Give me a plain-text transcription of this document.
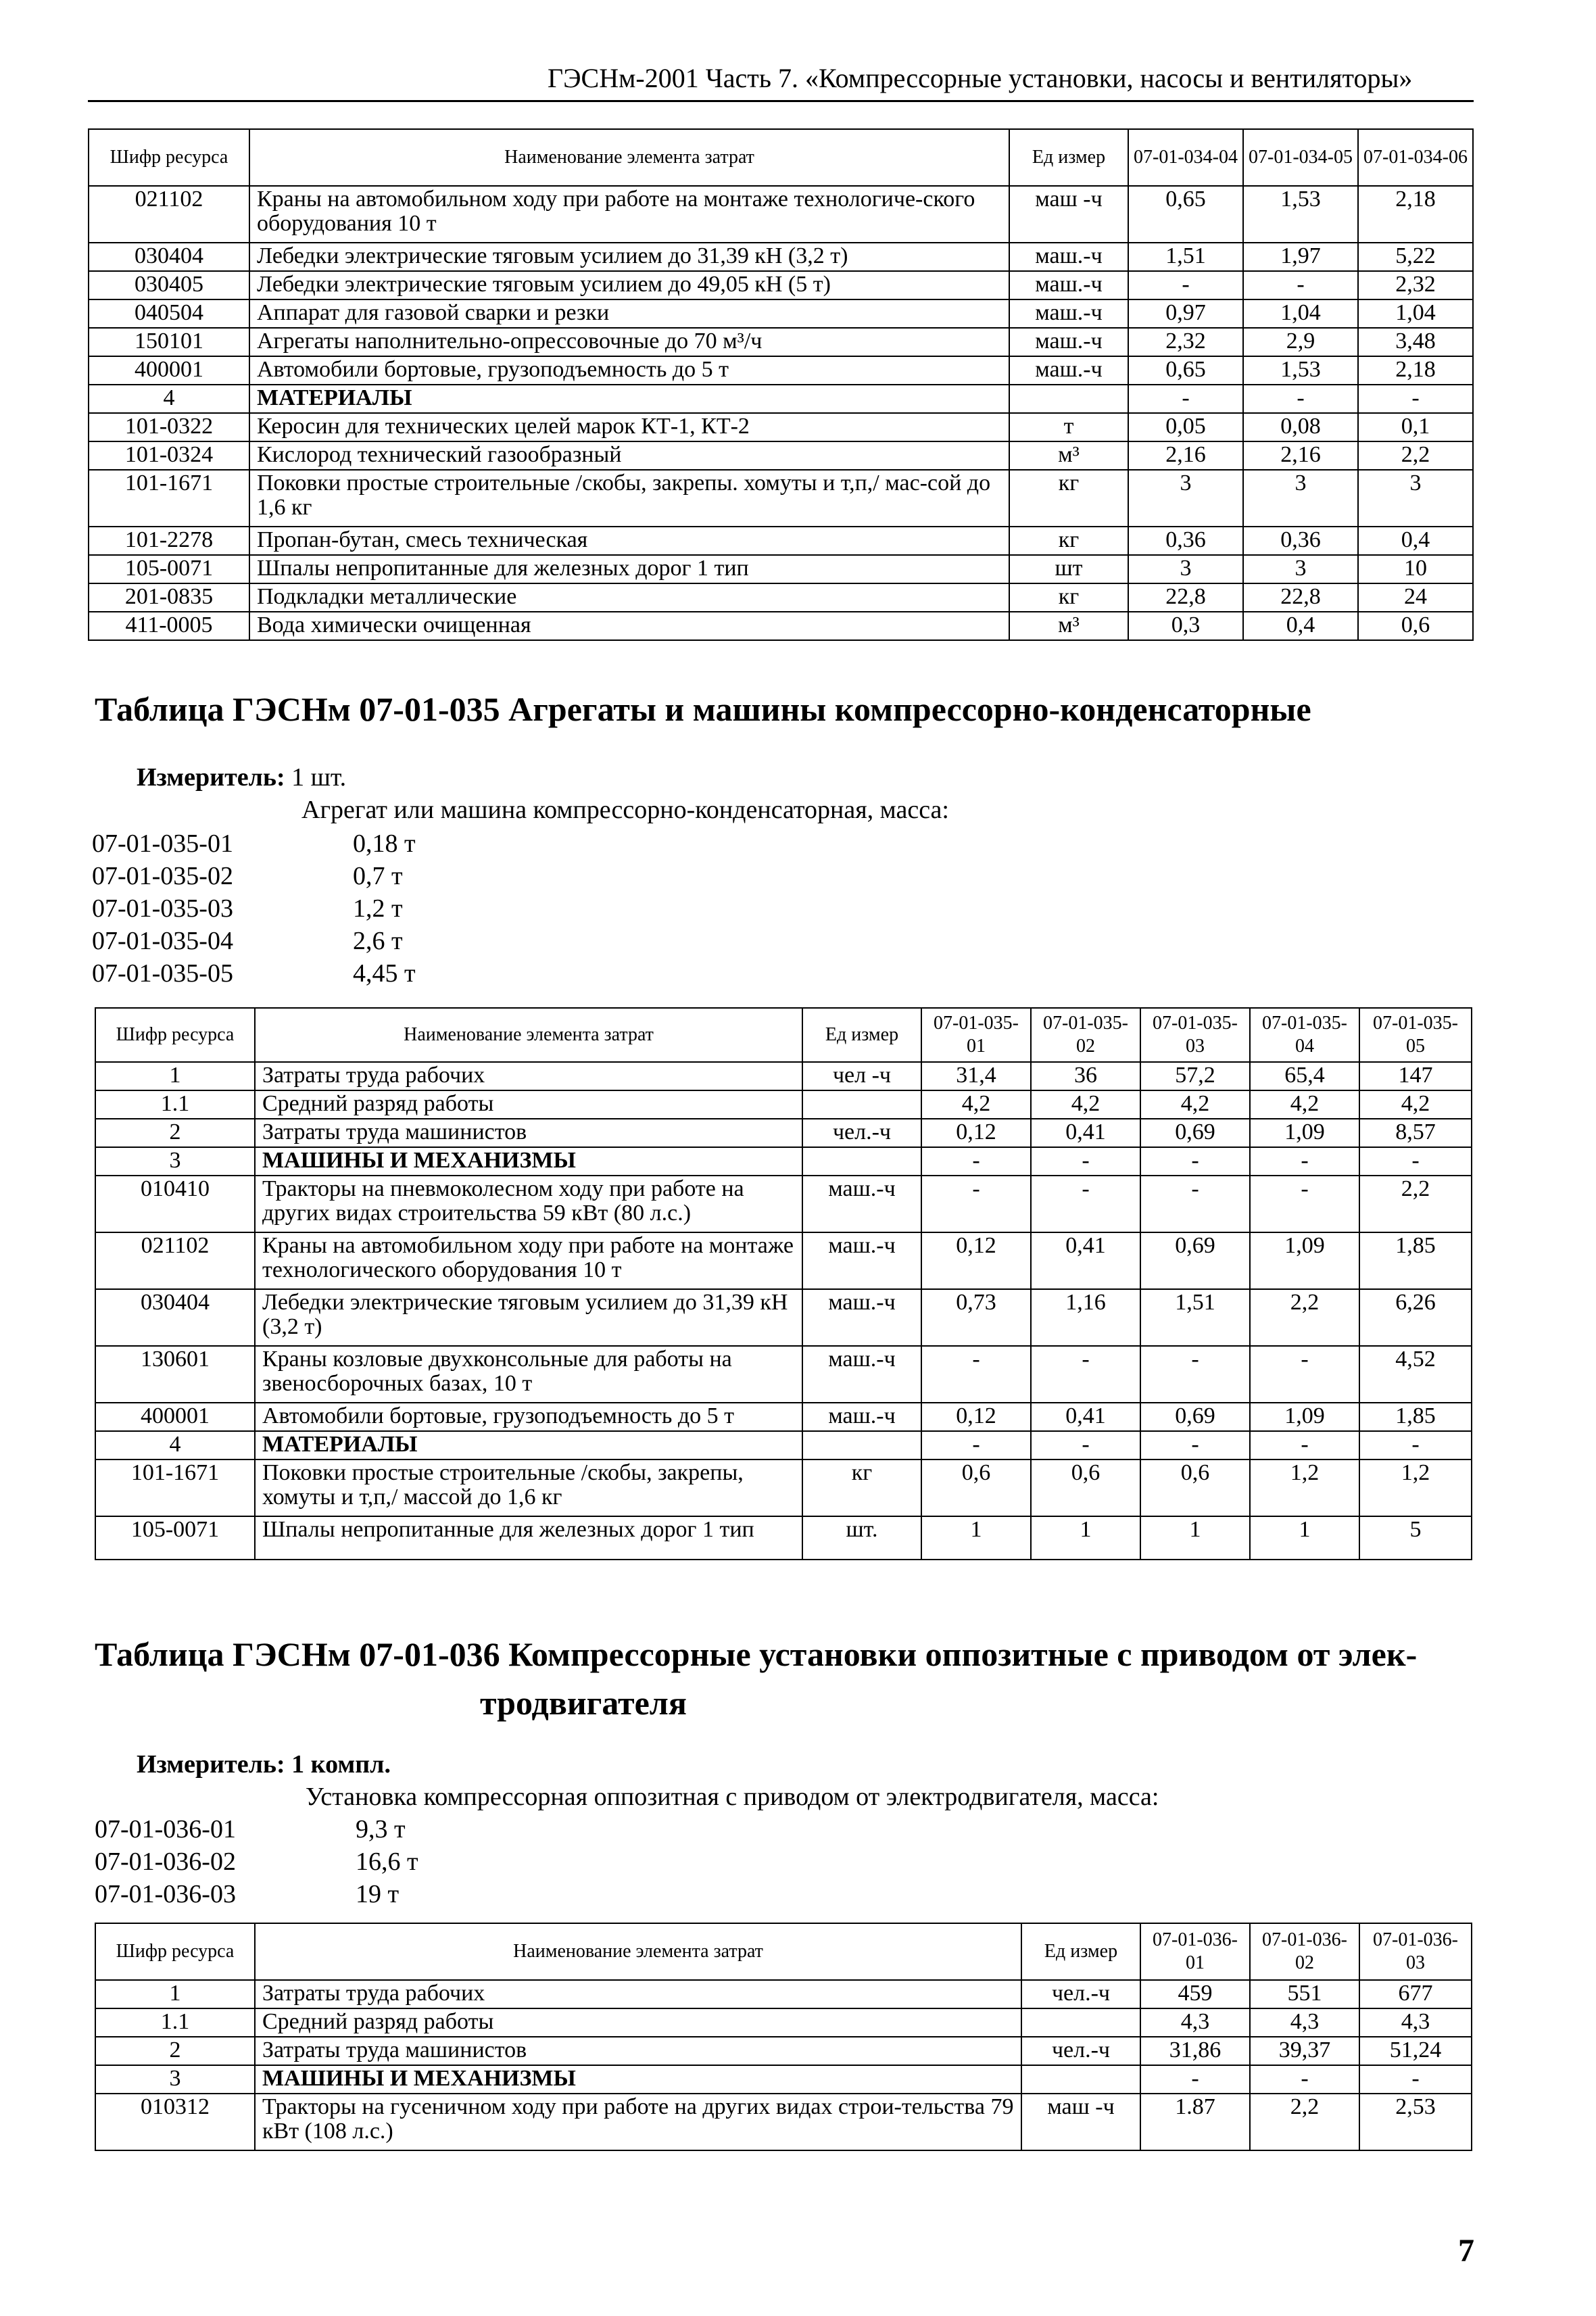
ГЭСНм-2001 Часть 7. «Компрессорные установки, насосы и вентиляторы»
Шифр ресурса	Наименование элемента затрат	Ед измер	07-01-034-04	07-01-034-05	07-01-034-06
021102	Краны на автомобильном ходу при работе на монтаже технологиче-ского оборудования 10 т	маш -ч	0,65	1,53	2,18
030404	Лебедки электрические тяговым усилием до 31,39 кН (3,2 т)	маш.-ч	1,51	1,97	5,22
030405	Лебедки электрические тяговым усилием до 49,05 кН (5 т)	маш.-ч	-	-	2,32
040504	Аппарат для газовой сварки и резки	маш.-ч	0,97	1,04	1,04
150101	Агрегаты наполнительно-опрессовочные до 70 м³/ч	маш.-ч	2,32	2,9	3,48
400001	Автомобили бортовые, грузоподъемность до 5 т	маш.-ч	0,65	1,53	2,18
4	МАТЕРИАЛЫ		-	-	-
101-0322	Керосин для технических целей марок КТ-1, КТ-2	т	0,05	0,08	0,1
101-0324	Кислород технический газообразный	м³	2,16	2,16	2,2
101-1671	Поковки простые строительные /скобы, закрепы. хомуты и т,п,/ мас-сой до 1,6 кг	кг	3	3	3
101-2278	Пропан-бутан, смесь техническая	кг	0,36	0,36	0,4
105-0071	Шпалы непропитанные для железных дорог 1 тип	шт	3	3	10
201-0835	Подкладки металлические	кг	22,8	22,8	24
411-0005	Вода химически очищенная	м³	0,3	0,4	0,6
Таблица ГЭСНм 07-01-035 Агрегаты и машины компрессорно-конденсаторные
Измеритель: 1 шт.
Агрегат или машина компрессорно-конденсаторная, масса:
07-01-035-01	0,18 т
07-01-035-02	0,7 т
07-01-035-03	1,2 т
07-01-035-04	2,6 т
07-01-035-05	4,45 т
Шифр ресурса	Наименование элемента затрат	Ед измер	07-01-035-01	07-01-035-02	07-01-035-03	07-01-035-04	07-01-035-05
1	Затраты труда рабочих	чел -ч	31,4	36	57,2	65,4	147
1.1	Средний разряд работы		4,2	4,2	4,2	4,2	4,2
2	Затраты труда машинистов	чел.-ч	0,12	0,41	0,69	1,09	8,57
3	МАШИНЫ И МЕХАНИЗМЫ		-	-	-	-	-
010410	Тракторы на пневмоколесном ходу при работе на других видах строительства 59 кВт (80 л.с.)	маш.-ч	-	-	-	-	2,2
021102	Краны на автомобильном ходу при работе на монтаже технологического оборудования 10 т	маш.-ч	0,12	0,41	0,69	1,09	1,85
030404	Лебедки электрические тяговым усилием до 31,39 кН (3,2 т)	маш.-ч	0,73	1,16	1,51	2,2	6,26
130601	Краны козловые двухконсольные для работы на звеносборочных базах, 10 т	маш.-ч	-	-	-	-	4,52
400001	Автомобили бортовые, грузоподъемность до 5 т	маш.-ч	0,12	0,41	0,69	1,09	1,85
4	МАТЕРИАЛЫ		-	-	-	-	-
101-1671	Поковки простые строительные /скобы, закрепы, хомуты и т,п,/ массой до 1,6 кг	кг	0,6	0,6	0,6	1,2	1,2
105-0071	Шпалы непропитанные для железных дорог 1 тип	шт.	1	1	1	1	5
Таблица ГЭСНм 07-01-036 Компрессорные установки оппозитные с приводом от элек-
тродвигателя
Измеритель: 1 компл.
Установка компрессорная оппозитная с приводом от электродвигателя, масса:
07-01-036-01	9,3 т
07-01-036-02	16,6 т
07-01-036-03	19 т
Шифр ресурса	Наименование элемента затрат	Ед измер	07-01-036-01	07-01-036-02	07-01-036-03
1	Затраты труда рабочих	чел.-ч	459	551	677
1.1	Средний разряд работы		4,3	4,3	4,3
2	Затраты труда машинистов	чел.-ч	31,86	39,37	51,24
3	МАШИНЫ И МЕХАНИЗМЫ		-	-	-
010312	Тракторы на гусеничном ходу при работе на других видах строи-тельства 79 кВт (108 л.с.)	маш -ч	1.87	2,2	2,53
7
